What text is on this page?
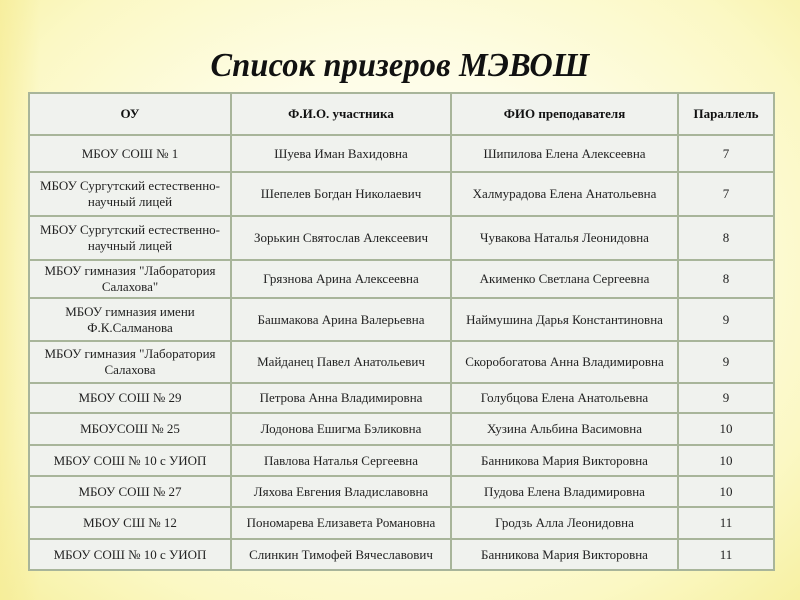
Список призеров МЭВОШ
ОУ	Ф.И.О. участника	ФИО преподавателя	Параллель
МБОУ СОШ № 1	Шуева Иман Вахидовна	Шипилова Елена Алексеевна	7
МБОУ Сургутский естественно-научный лицей	Шепелев Богдан Николаевич	Халмурадова Елена Анатольевна	7
МБОУ Сургутский естественно-научный лицей	Зорькин Святослав Алексеевич	Чувакова Наталья Леонидовна	8
МБОУ гимназия "Лаборатория Салахова"	Грязнова Арина Алексеевна	Акименко Светлана Сергеевна	8
МБОУ гимназия имени Ф.К.Салманова	Башмакова Арина Валерьевна	Наймушина Дарья Константиновна	9
МБОУ гимназия "Лаборатория Салахова	Майданец Павел Анатольевич	Скоробогатова Анна Владимировна	9
МБОУ СОШ № 29	Петрова Анна Владимировна	Голубцова Елена Анатольевна	9
МБОУСОШ № 25	Лодонова Ешигма Бэликовна	Хузина Альбина Васимовна	10
МБОУ СОШ № 10 с УИОП	Павлова Наталья Сергеевна	Банникова Мария Викторовна	10
МБОУ СОШ № 27	Ляхова Евгения Владиславовна	Пудова Елена Владимировна	10
МБОУ СШ № 12	Пономарева Елизавета Романовна	Гродзь Алла Леонидовна	11
МБОУ СОШ № 10 с УИОП	Слинкин Тимофей Вячеславович	Банникова Мария Викторовна	11
